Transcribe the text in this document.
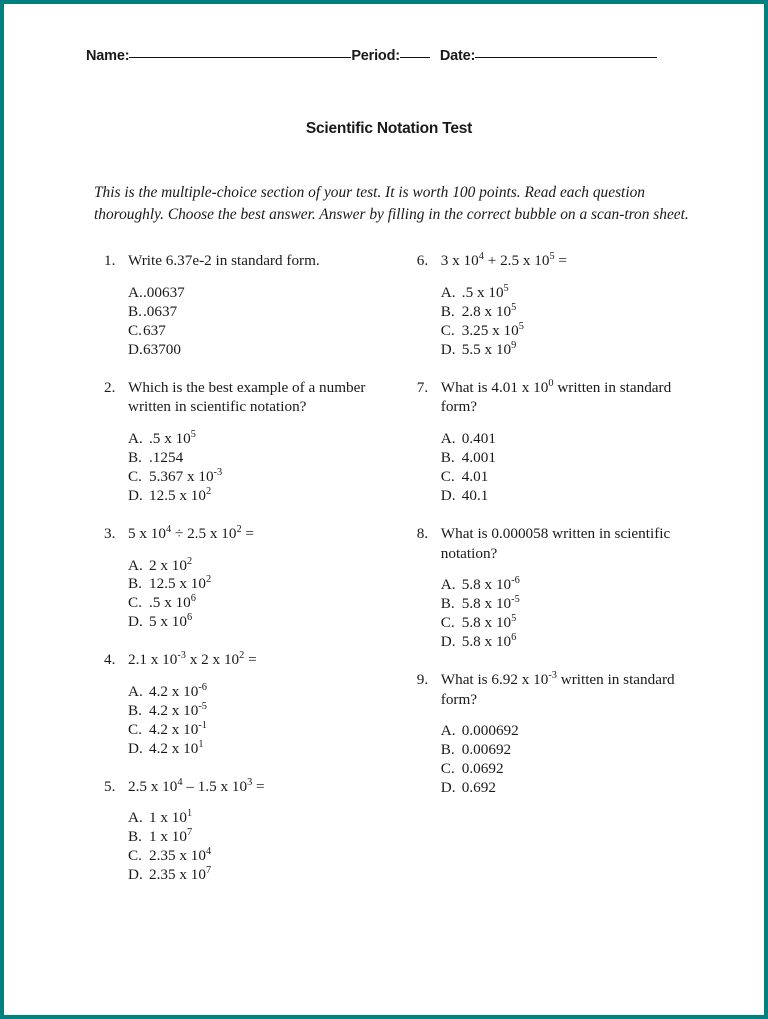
Name:	Period:	Date:
Scientific Notation Test
This is the multiple-choice section of your test. It is worth 100 points. Read each question thoroughly. Choose the best answer. Answer by filling in the correct bubble on a scan-tron sheet.
1. Write 6.37e-2 in standard form.
A. .00637
B. .0637
C. 637
D. 63700
2. Which is the best example of a number written in scientific notation?
A. .5 x $10^5$
B. .1254
C. 5.367 x $10^{-3}$
D. 12.5 x $10^2$
3. 5 x $10^4 \div 2.5$ x $10^2$ =
A. 2 x $10^2$
B. 12.5 x $10^2$
C. .5 x $10^6$
D. 5 x $10^6$
4. 2.1 x $10^{-3}$ x 2 x $10^2$ =
A. 4.2 x $10^{-6}$
B. 4.2 x $10^{-5}$
C. 4.2 x $10^{-1}$
D. 4.2 x $10^1$
5. 2.5 x $10^4 - 1.5$ x $10^3$ =
A. 1 x $10^1$
B. 1 x $10^7$
C. 2.35 x $10^4$
D. 2.35 x $10^7$
6. 3 x $10^4 + 2.5$ x $10^5$ =
A. .5 x $10^5$
B. 2.8 x $10^5$
C. 3.25 x $10^5$
D. 5.5 x $10^9$
7. What is 4.01 x $10^0$ written in standard form?
A. 0.401
B. 4.001
C. 4.01
D. 40.1
8. What is 0.000058 written in scientific notation?
A. 5.8 x $10^{-6}$
B. 5.8 x $10^{-5}$
C. 5.8 x $10^5$
D. 5.8 x $10^6$
9. What is 6.92 x $10^{-3}$ written in standard form?
A. 0.000692
B. 0.00692
C. 0.0692
D. 0.692
